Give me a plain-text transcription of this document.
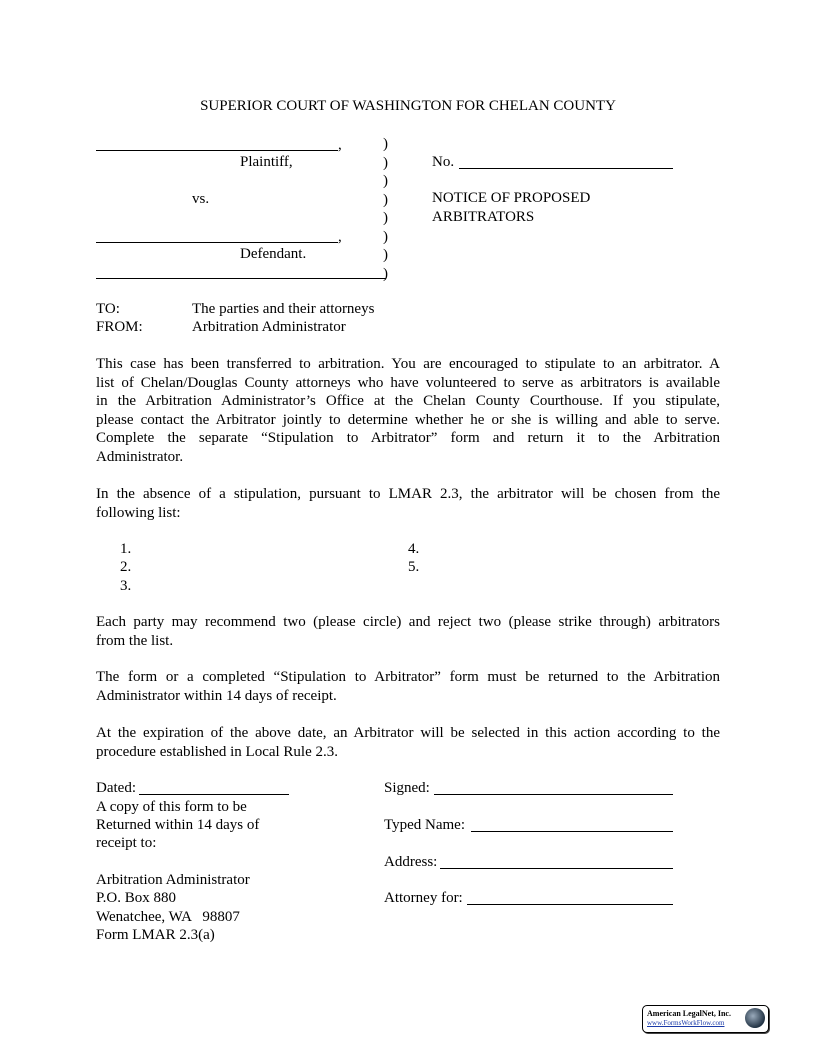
SUPERIOR COURT OF WASHINGTON FOR CHELAN COUNTY
,
Plaintiff,
vs.
,
Defendant.
)
)
)
)
)
)
)
)
No.
NOTICE OF PROPOSED
ARBITRATORS
TO:	The parties and their attorneys
FROM:	Arbitration Administrator
This case has been transferred to arbitration. You are encouraged to stipulate to an arbitrator. A
list of Chelan/Douglas County attorneys who have volunteered to serve as arbitrators is available
in the Arbitration Administrator’s Office at the Chelan County Courthouse. If you stipulate,
please contact the Arbitrator jointly to determine whether he or she is willing and able to serve.
Complete the separate “Stipulation to Arbitrator” form and return it to the Arbitration
Administrator.
In the absence of a stipulation, pursuant to LMAR 2.3, the arbitrator will be chosen from the
following list:
1.
2.
3.
4.
5.
Each party may recommend two (please circle) and reject two (please strike through) arbitrators
from the list.
The form or a completed “Stipulation to Arbitrator” form must be returned to the Arbitration
Administrator within 14 days of receipt.
At the expiration of the above date, an Arbitrator will be selected in this action according to the
procedure established in Local Rule 2.3.
Dated:
A copy of this form to be
Returned within 14 days of
receipt to:
Arbitration Administrator
P.O. Box 880
Wenatchee, WA   98807
Form LMAR 2.3(a)
Signed:
Typed Name:
Address:
Attorney for:
American LegalNet, Inc.
www.FormsWorkFlow.com
